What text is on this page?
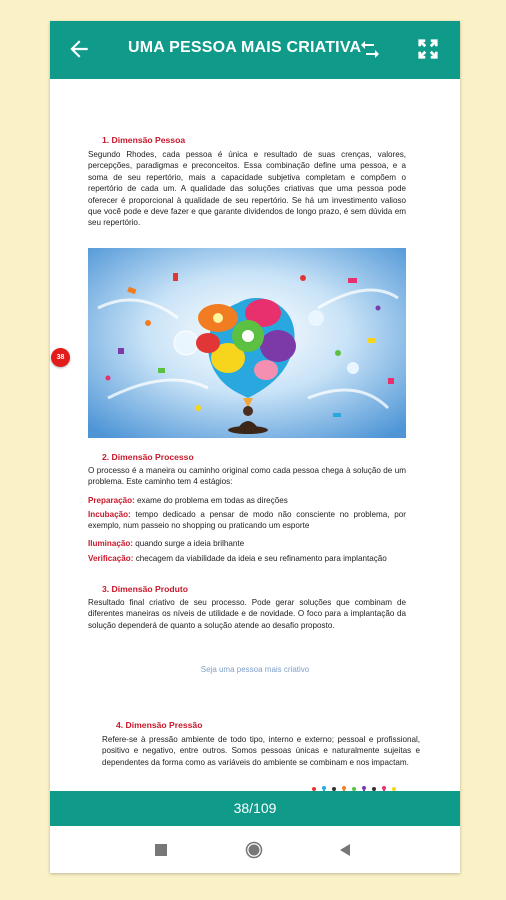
UMA PESSOA MAIS CRIATIVA
1. Dimensão Pessoa
Segundo Rhodes, cada pessoa é única e resultado de suas crenças, valores, percepções, paradigmas e preconceitos. Essa combinação define uma pessoa, e a soma de seu repertório, mais a capacidade subjetiva completam e compõem o repertório de cada um. A qualidade das soluções criativas que uma pessoa pode oferecer é proporcional à qualidade de seu repertório. Se há um investimento valioso que você pode e deve fazer e que garante dividendos de longo prazo, é sem dúvida em seu repertório.
2. Dimensão Processo
O processo é a maneira ou caminho original como cada pessoa chega à solução de um problema. Este caminho tem 4 estágios:
Preparação: exame do problema em todas as direções
Incubação: tempo dedicado a pensar de modo não consciente no problema, por exemplo, num passeio no shopping ou praticando um esporte
Iluminação: quando surge a ideia brilhante
Verificação: checagem da viabilidade da ideia e seu refinamento para implantação
3. Dimensão Produto
Resultado final criativo de seu processo. Pode gerar soluções que combinam de diferentes maneiras os níveis de utilidade e de novidade. O foco para a implantação da solução dependerá de quanto a solução atende ao desafio proposto.
Seja uma pessoa mais criativo
4. Dimensão Pressão
Refere-se à pressão ambiente de todo tipo, interno e externo; pessoal e profissional, positivo e negativo, entre outros. Somos pessoas únicas e naturalmente sujeitas e dependentes da forma como as variáveis do ambiente se combinam e nos impactam.
38/109
38
